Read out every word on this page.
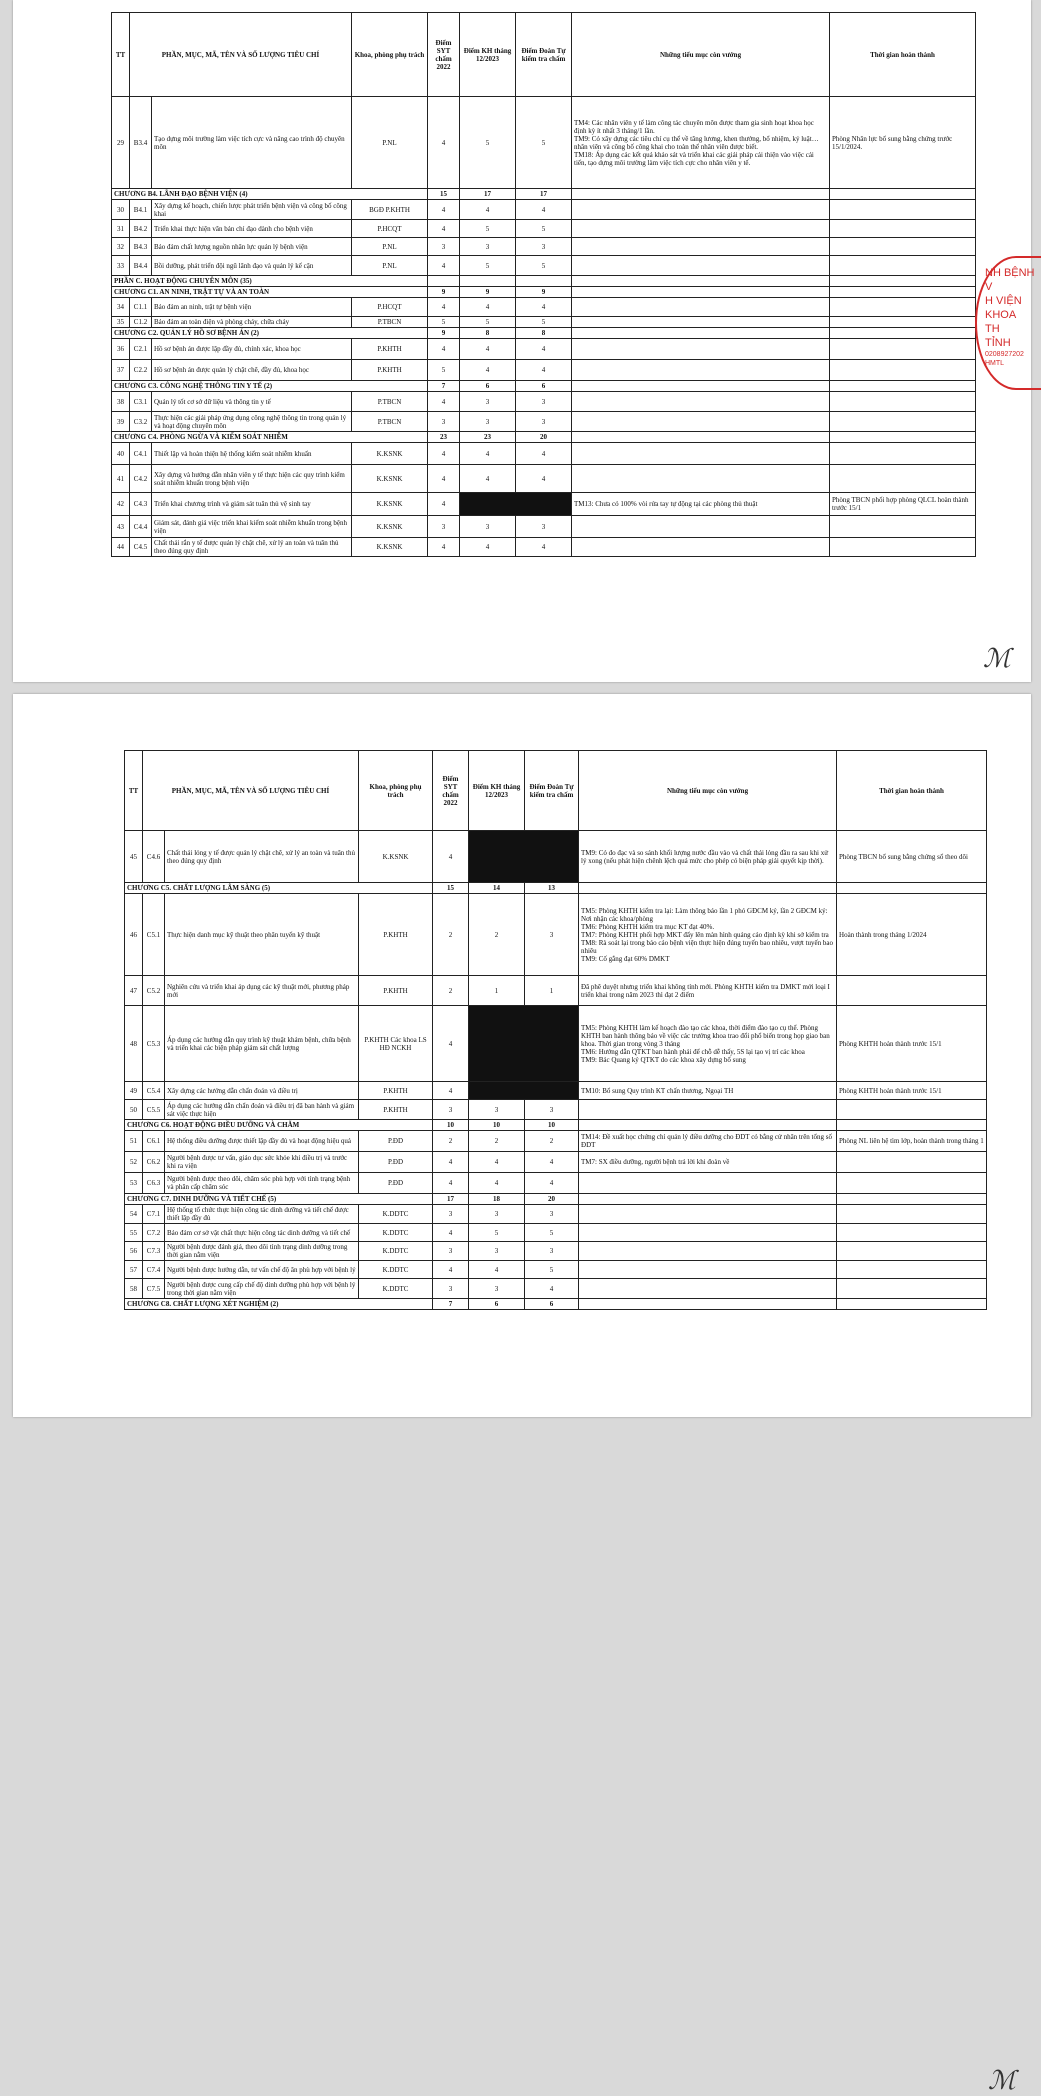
TT	PHẦN, MỤC, MÃ, TÊN VÀ SỐ LƯỢNG TIÊU CHÍ		Khoa, phòng phụ trách	Điểm SYT chấm 2022	Điểm KH tháng 12/2023	Điểm Đoàn Tự kiểm tra chấm	Những tiểu mục còn vướng	Thời gian hoàn thành
29	B3.4	Tạo dựng môi trường làm việc tích cực và nâng cao trình độ chuyên môn	P.NL	4	5	5	TM4: Các nhân viên y tế làm công tác chuyên môn được tham gia sinh hoạt khoa học định kỳ ít nhất 3 tháng/1 lần.
TM9: Có xây dựng các tiêu chí cụ thể về tăng lương, khen thưởng, bổ nhiệm, kỷ luật… nhân viên và công bố công khai cho toàn thể nhân viên được biết.
TM18: Áp dụng các kết quả khảo sát và triển khai các giải pháp cải thiện vào việc cải tiến, tạo dựng môi trường làm việc tích cực cho nhân viên y tế.	Phòng Nhân lực bổ sung bằng chứng trước 15/1/2024.
CHƯƠNG B4. LÃNH ĐẠO BỆNH VIỆN (4)				15	17	17		
30	B4.1	Xây dựng kế hoạch, chiến lược phát triển bệnh viện và công bố công khai	BGĐ P.KHTH	4	4	4		
31	B4.2	Triển khai thực hiện văn bản chỉ đạo dành cho bệnh viện	P.HCQT	4	5	5		
32	B4.3	Bảo đảm chất lượng nguồn nhân lực quản lý bệnh viện	P.NL	3	3	3		
33	B4.4	Bồi dưỡng, phát triển đội ngũ lãnh đạo và quản lý kế cận	P.NL	4	5	5		
PHẦN C. HOẠT ĐỘNG CHUYÊN MÔN (35)								
CHƯƠNG C1. AN NINH, TRẬT TỰ VÀ AN TOÀN				9	9	9		
34	C1.1	Bảo đảm an ninh, trật tự bệnh viện	P.HCQT	4	4	4		
35	C1.2	Bảo đảm an toàn điện và phòng cháy, chữa cháy	P.TBCN	5	5	5		
CHƯƠNG C2. QUẢN LÝ HỒ SƠ BỆNH ÁN (2)				9	8	8		
36	C2.1	Hồ sơ bệnh án được lập đầy đủ, chính xác, khoa học	P.KHTH	4	4	4		
37	C2.2	Hồ sơ bệnh án được quản lý chặt chẽ, đầy đủ, khoa học	P.KHTH	5	4	4		
CHƯƠNG C3. CÔNG NGHỆ THÔNG TIN Y TẾ (2)				7	6	6		
38	C3.1	Quản lý tốt cơ sở dữ liệu và thông tin y tế	P.TBCN	4	3	3		
39	C3.2	Thực hiện các giải pháp ứng dụng công nghệ thông tin trong quản lý và hoạt động chuyên môn	P.TBCN	3	3	3		
CHƯƠNG C4. PHÒNG NGỪA VÀ KIỂM SOÁT NHIỄM				23	23	20		
40	C4.1	Thiết lập và hoàn thiện hệ thống kiểm soát nhiễm khuẩn	K.KSNK	4	4	4		
41	C4.2	Xây dựng và hướng dẫn nhân viên y tế thực hiện các quy trình kiểm soát nhiễm khuẩn trong bệnh viện	K.KSNK	4	4	4		
42	C4.3	Triển khai chương trình và giám sát tuân thủ vệ sinh tay	K.KSNK	4			TM13: Chưa có 100% vòi rửa tay tự động tại các phòng thủ thuật	Phòng TBCN phối hợp phòng QLCL hoàn thành trước 15/1
43	C4.4	Giám sát, đánh giá việc triển khai kiểm soát nhiễm khuẩn trong bệnh viện	K.KSNK	3	3	3		
44	C4.5	Chất thải rắn y tế được quản lý chặt chẽ, xử lý an toàn và tuân thủ theo đúng quy định	K.KSNK	4	4	4		
ℳ
NH BỆNH V
H VIỆN
KHOA
TH
TỈNH
0208927202
HMTL
TT	PHẦN, MỤC, MÃ, TÊN VÀ SỐ LƯỢNG TIÊU CHÍ		Khoa, phòng phụ trách	Điểm SYT chấm 2022	Điểm KH tháng 12/2023	Điểm Đoàn Tự kiểm tra chấm	Những tiểu mục còn vướng	Thời gian hoàn thành
45	C4.6	Chất thải lỏng y tế được quản lý chặt chẽ, xử lý an toàn và tuân thủ theo đúng quy định	K.KSNK	4			TM9: Có đo đạc và so sánh khối lượng nước đầu vào và chất thải lỏng đầu ra sau khi xử lý xong (nếu phát hiện chênh lệch quá mức cho phép có biện pháp giải quyết kịp thời).	Phòng TBCN bổ sung bằng chứng sổ theo dõi
CHƯƠNG C5. CHẤT LƯỢNG LÂM SÀNG (5)				15	14	13		
46	C5.1	Thực hiện danh mục kỹ thuật theo phân tuyến kỹ thuật	P.KHTH	2	2	3	TM5: Phòng KHTH kiểm tra lại: Làm thông báo lần 1 phó GĐCM ký, lần 2 GĐCM ký: Nơi nhận các khoa/phòng
TM6: Phòng KHTH kiểm tra mục KT đạt 40%.
TM7: Phòng KHTH phối hợp MKT đẩy lên màn hình quảng cáo định kỳ khi sở kiểm tra
TM8: Rà soát lại trong báo cáo bệnh viện thực hiện đúng tuyến bao nhiêu, vượt tuyến bao nhiêu
TM9: Cố gắng đạt 60% DMKT	Hoàn thành trong tháng 1/2024
47	C5.2	Nghiên cứu và triển khai áp dụng các kỹ thuật mới, phương pháp mới	P.KHTH	2	1	1	Đã phê duyệt nhưng triển khai không tính mới. Phòng KHTH kiểm tra DMKT mới loại I triển khai trong năm 2023 thì đạt 2 điểm	
48	C5.3	Áp dụng các hướng dẫn quy trình kỹ thuật khám bệnh, chữa bệnh và triển khai các biện pháp giám sát chất lượng	P.KHTH Các khoa LS HĐ NCKH	4			TM5: Phòng KHTH làm kế hoạch đào tạo các khoa, thời điểm đào tạo cụ thể. Phòng KHTH ban hành thông báo về việc các trưởng khoa trao đổi phổ biến trong họp giao ban khoa. Thời gian trong vòng 3 tháng
TM6: Hướng dẫn QTKT ban hành phải để chỗ dễ thấy, 5S lại tạo vị trí các khoa
TM9: Bác Quang ký QTKT do các khoa xây dựng bổ sung	Phòng KHTH hoàn thành trước 15/1
49	C5.4	Xây dựng các hướng dẫn chẩn đoán và điều trị	P.KHTH	4			TM10: Bổ sung Quy trình KT chấn thương, Ngoại TH	Phòng KHTH hoàn thành trước 15/1
50	C5.5	Áp dụng các hướng dẫn chẩn đoán và điều trị đã ban hành và giám sát việc thực hiện	P.KHTH	3	3	3		
CHƯƠNG C6. HOẠT ĐỘNG ĐIỀU DƯỠNG VÀ CHĂM				10	10	10		
51	C6.1	Hệ thống điều dưỡng được thiết lập đầy đủ và hoạt động hiệu quả	P.ĐD	2	2	2	TM14: Đề xuất học chứng chỉ quản lý điều dưỡng cho ĐDT có bằng cử nhân trên tổng số ĐDT	Phòng NL liên hệ tìm lớp, hoàn thành trong tháng 1
52	C6.2	Người bệnh được tư vấn, giáo dục sức khỏe khi điều trị và trước khi ra viện	P.ĐD	4	4	4	TM7: SX điều dưỡng, người bệnh trả lời khi đoàn về	
53	C6.3	Người bệnh được theo dõi, chăm sóc phù hợp với tình trạng bệnh và phân cấp chăm sóc	P.ĐD	4	4	4		
CHƯƠNG C7. DINH DƯỠNG VÀ TIẾT CHẾ (5)				17	18	20		
54	C7.1	Hệ thống tổ chức thực hiện công tác dinh dưỡng và tiết chế được thiết lập đầy đủ	K.DDTC	3	3	3		
55	C7.2	Bảo đảm cơ sở vật chất thực hiện công tác dinh dưỡng và tiết chế	K.DDTC	4	5	5		
56	C7.3	Người bệnh được đánh giá, theo dõi tình trạng dinh dưỡng trong thời gian nằm viện	K.DDTC	3	3	3		
57	C7.4	Người bệnh được hướng dẫn, tư vấn chế độ ăn phù hợp với bệnh lý	K.DDTC	4	4	5		
58	C7.5	Người bệnh được cung cấp chế độ dinh dưỡng phù hợp với bệnh lý trong thời gian nằm viện	K.DDTC	3	3	4		
CHƯƠNG C8. CHẤT LƯỢNG XÉT NGHIỆM (2)				7	6	6		
ℳ
